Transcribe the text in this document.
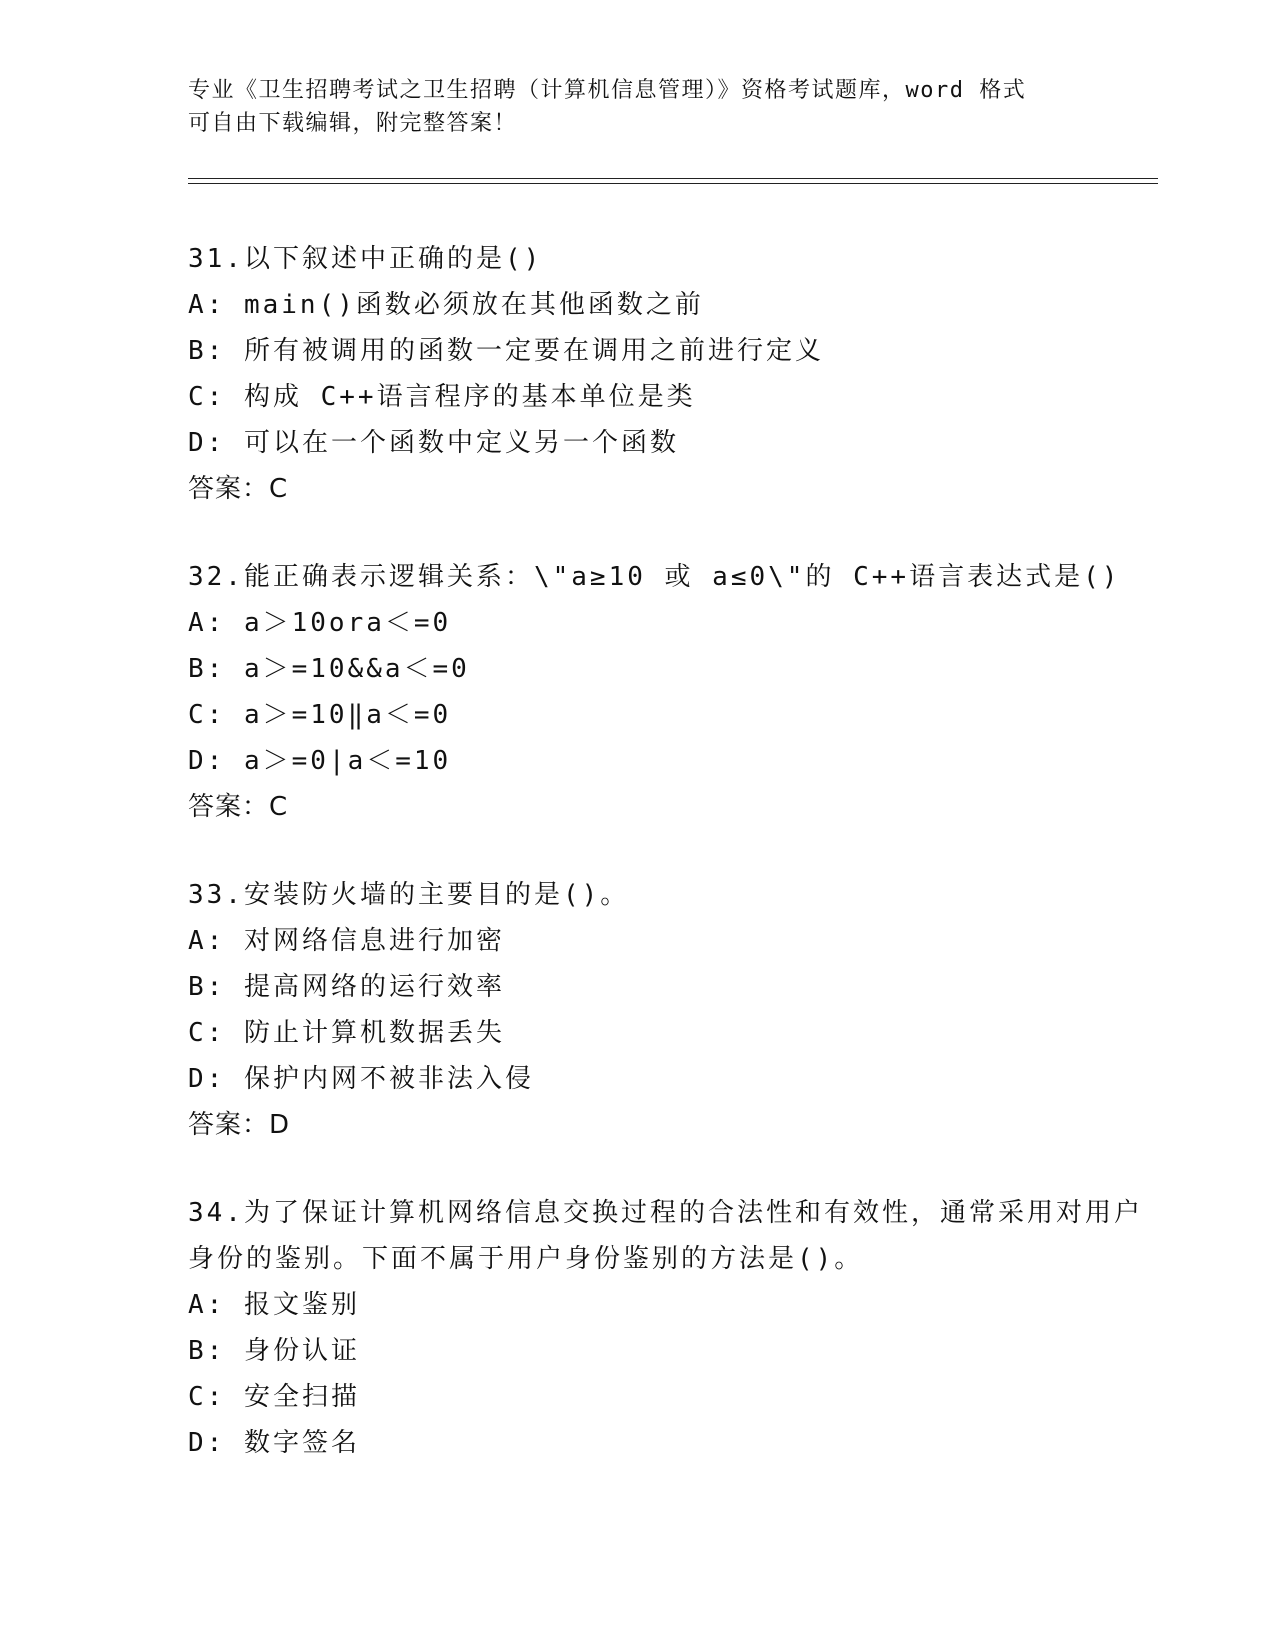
专业《卫生招聘考试之卫生招聘（计算机信息管理）》资格考试题库，word 格式
可自由下载编辑，附完整答案！
31.以下叙述中正确的是()
A: main()函数必须放在其他函数之前
B: 所有被调用的函数一定要在调用之前进行定义
C: 构成 C++语言程序的基本单位是类
D: 可以在一个函数中定义另一个函数
答案：C
32.能正确表示逻辑关系：\"a≥10 或 a≤0\"的 C++语言表达式是()
A: a＞10ora＜=0
B: a＞=10&&a＜=0
C: a＞=10‖a＜=0
D: a＞=0|a＜=10
答案：C
33.安装防火墙的主要目的是()。
A: 对网络信息进行加密
B: 提高网络的运行效率
C: 防止计算机数据丢失
D: 保护内网不被非法入侵
答案：D
34.为了保证计算机网络信息交换过程的合法性和有效性，通常采用对用户身份的鉴别。下面不属于用户身份鉴别的方法是()。
A: 报文鉴别
B: 身份认证
C: 安全扫描
D: 数字签名
